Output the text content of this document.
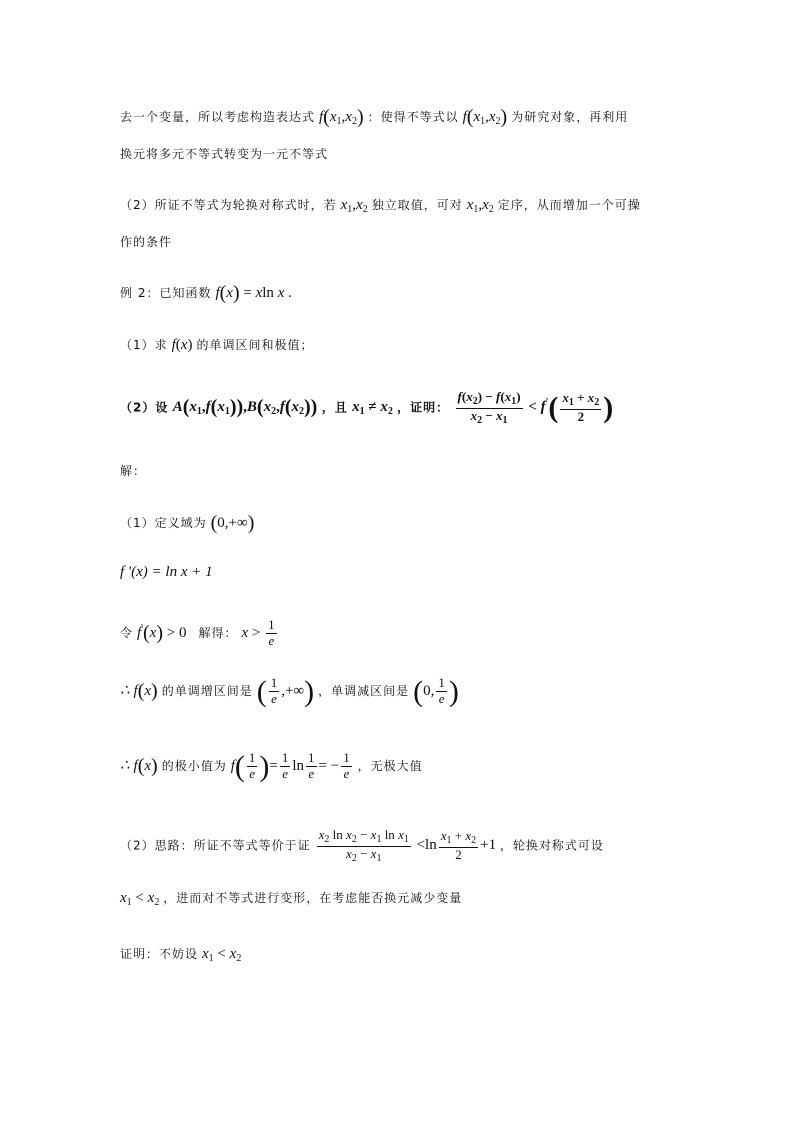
去一个变量，所以考虑构造表达式 $f(x_1,x_2)$ ：使得不等式以 $f(x_1,x_2)$ 为研究对象，再利用
换元将多元不等式转变为一元不等式
（2）所证不等式为轮换对称式时，若 $x_1,x_2$ 独立取值，可对 $x_1,x_2$ 定序，从而增加一个可操
作的条件
例 2：已知函数 f(x) = xln x .
（1）求 f(x) 的单调区间和极值；
（2）设 $A(x_1,f(x_1)),B(x_2,f(x_2))$ ，且 $x_1 \ne x_2$ ，证明： $\frac{f(x_2) - f(x_1)}{x_2 - x_1} < f'( \frac{x_1 + x_2}{2}$ )
解：
（1）定义域为 (0,+∞)
f '(x) = ln x + 1
令 f'(x) > 0 解得： $x > \frac{1}{e}$
∴ f(x) 的单调增区间是 ( $\frac{1}{e}$ ,+∞) ，单调减区间是 (0, $\frac{1}{e}$ )
∴ f(x) 的极小值为 $f( \frac{1}{e}$ )= $\frac{1}{e}$ $\ln \frac{1}{e}$ = − $\frac{1}{e}$ ，无极大值
（2）思路：所证不等式等价于证 $\frac{x_2 \ln x_2 - x_1 \ln x_1}{x_2 - x_1} <\ln \frac{x_1 + x_2}{2} +1$ ，轮换对称式可设
$x_1 < x_2$ ，进而对不等式进行变形，在考虑能否换元减少变量
证明：不妨设 $x_1 < x_2$
